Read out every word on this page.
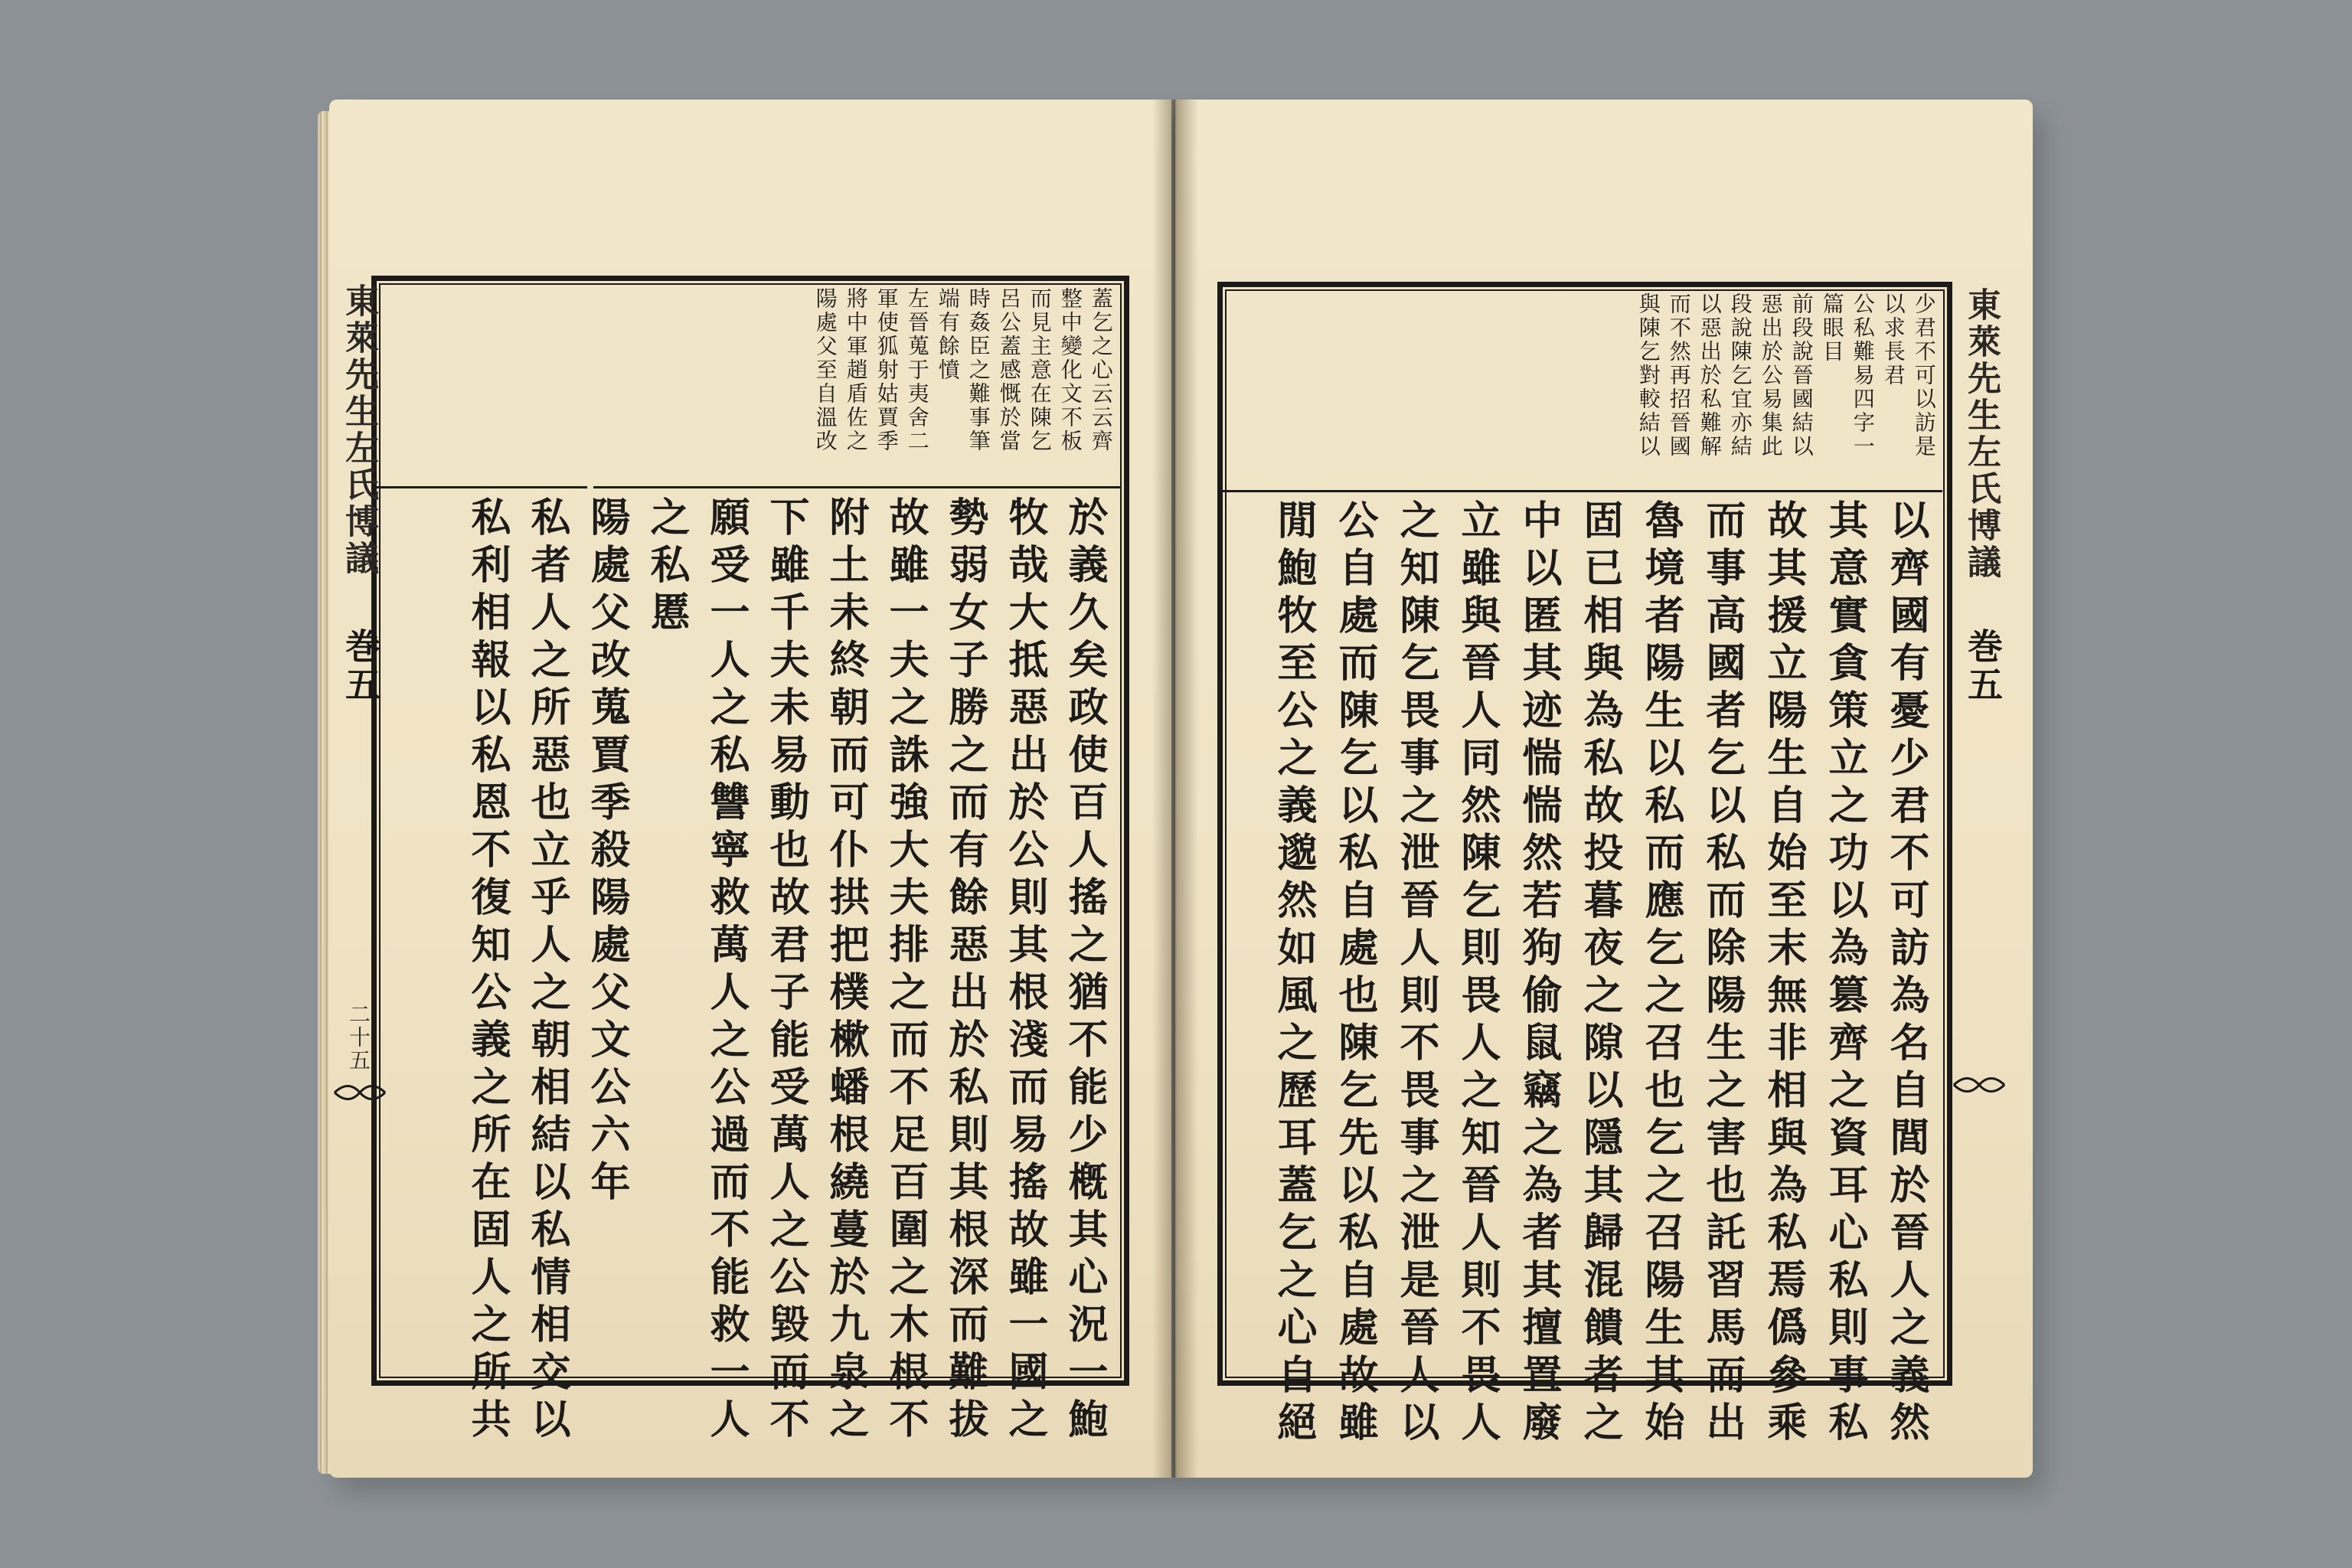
蓋乞之心云云齊
整中變化文不板
而見主意在陳乞
呂公蓋感慨於當
時姦臣之難事筆
端有餘憤
左晉蒐于夷舍二
軍使狐射姑賈季
將中軍趙盾佐之
陽處父至自溫改
於義久矣政使百人搖之猶不能少槪其心況一鮑
牧哉大抵惡出於公則其根淺而易搖故雖一國之
勢弱女子勝之而有餘惡出於私則其根深而難拔
故雖一夫之誅強大夫排之而不足百圍之木根不
附土未終朝而可仆拱把樸樕蟠根繞蔓於九泉之
下雖千夫未易動也故君子能受萬人之公毀而不
願受一人之私讐寧救萬人之公過而不能救一人
之私慝
陽處父改蒐賈季殺陽處父文公六年
私者人之所惡也立乎人之朝相結以私情相交以
私利相報以私恩不復知公義之所在固人之所共
東萊先生左氏博議
巻五
二十五
少君不可以訪是
以求長君
公私難易四字一
篇眼目
前段說晉國結以
惡出於公易集此
段說陳乞宜亦結
以惡出於私難解
而不然再招晉國
與陳乞對較結以
以齊國有憂少君不可訪為名自閭於晉人之義然
其意實貪策立之功以為篡齊之資耳心私則事私
故其援立陽生自始至末無非相與為私焉僞參乘
而事高國者乞以私而除陽生之害也託習馬而出
魯境者陽生以私而應乞之召也乞之召陽生其始
固已相與為私故投暮夜之隙以隱其歸混饋者之
中以匿其迹惴惴然若狗偷鼠竊之為者其擅置廢
立雖與晉人同然陳乞則畏人之知晉人則不畏人
之知陳乞畏事之泄晉人則不畏事之泄是晉人以
公自處而陳乞以私自處也陳乞先以私自處故雖
閒鮑牧至公之義邈然如風之歷耳蓋乞之心自絕
東萊先生左氏博議
巻五
